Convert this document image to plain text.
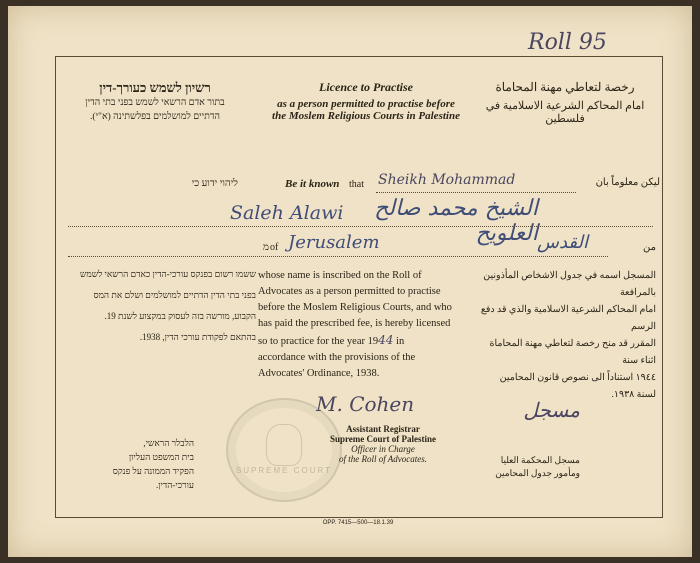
Roll 95
רשיון לשמש כעורך-דין
בתור אדם הרשאי לשמש בפני בתי הדין
הדתיים למושלמים בפלשתינה (א"י).
Licence to Practise
as a person permitted to practise before
the Moslem Religious Courts in Palestine
رخصة لتعاطي مهنة المحاماة
امام المحاكم الشرعية الاسلامية في فلسطين
ליהוי ידוע כי	Be it known that Sheikh Mohammad	ليكن معلوماً بان
Saleh Alawi	الشيخ محمد صالح العلويح
מ of Jerusalem	القدس	من
ששמו רשום בפנקס עורכי-הדין כאדם הרשאי לשמש
בפני בתי הדין הדתיים למושלמים ושלם את המס
הקבוע, מורשה בזה לעסוק במקצוע לשנת 19.
בהתאם לפקודת עורכי הדין, 1938.
whose name is inscribed on the Roll of
Advocates as a person permitted to practise
before the Moslem Religious Courts, and who
has paid the prescribed fee, is hereby licensed
so to practice for the year 1944 in
accordance with the provisions of the
Advocates' Ordinance, 1938.
المسجل اسمه في جدول الاشخاص المأذونين بالمرافعة
امام المحاكم الشرعية الاسلامية والذي قد دفع الرسم
المقرر قد منح رخصة لتعاطي مهنة المحاماة اثناء سنة
١٩٤٤ استناداً الى نصوص قانون المحامين
لسنة ١٩٣٨.
SUPREME COURT
M. Cohen
Assistant Registrar
Supreme Court of Palestine
Officer in Charge
of the Roll of Advocates.
مسجل
مسجل المحكمة العليا
ومأمور جدول المحامين
הלבלר הראשי,
בית המשפט העליון
הפקיד הממונה על פנקס
עורכי-הדין.
OPP. 7415—500—18.1.39
